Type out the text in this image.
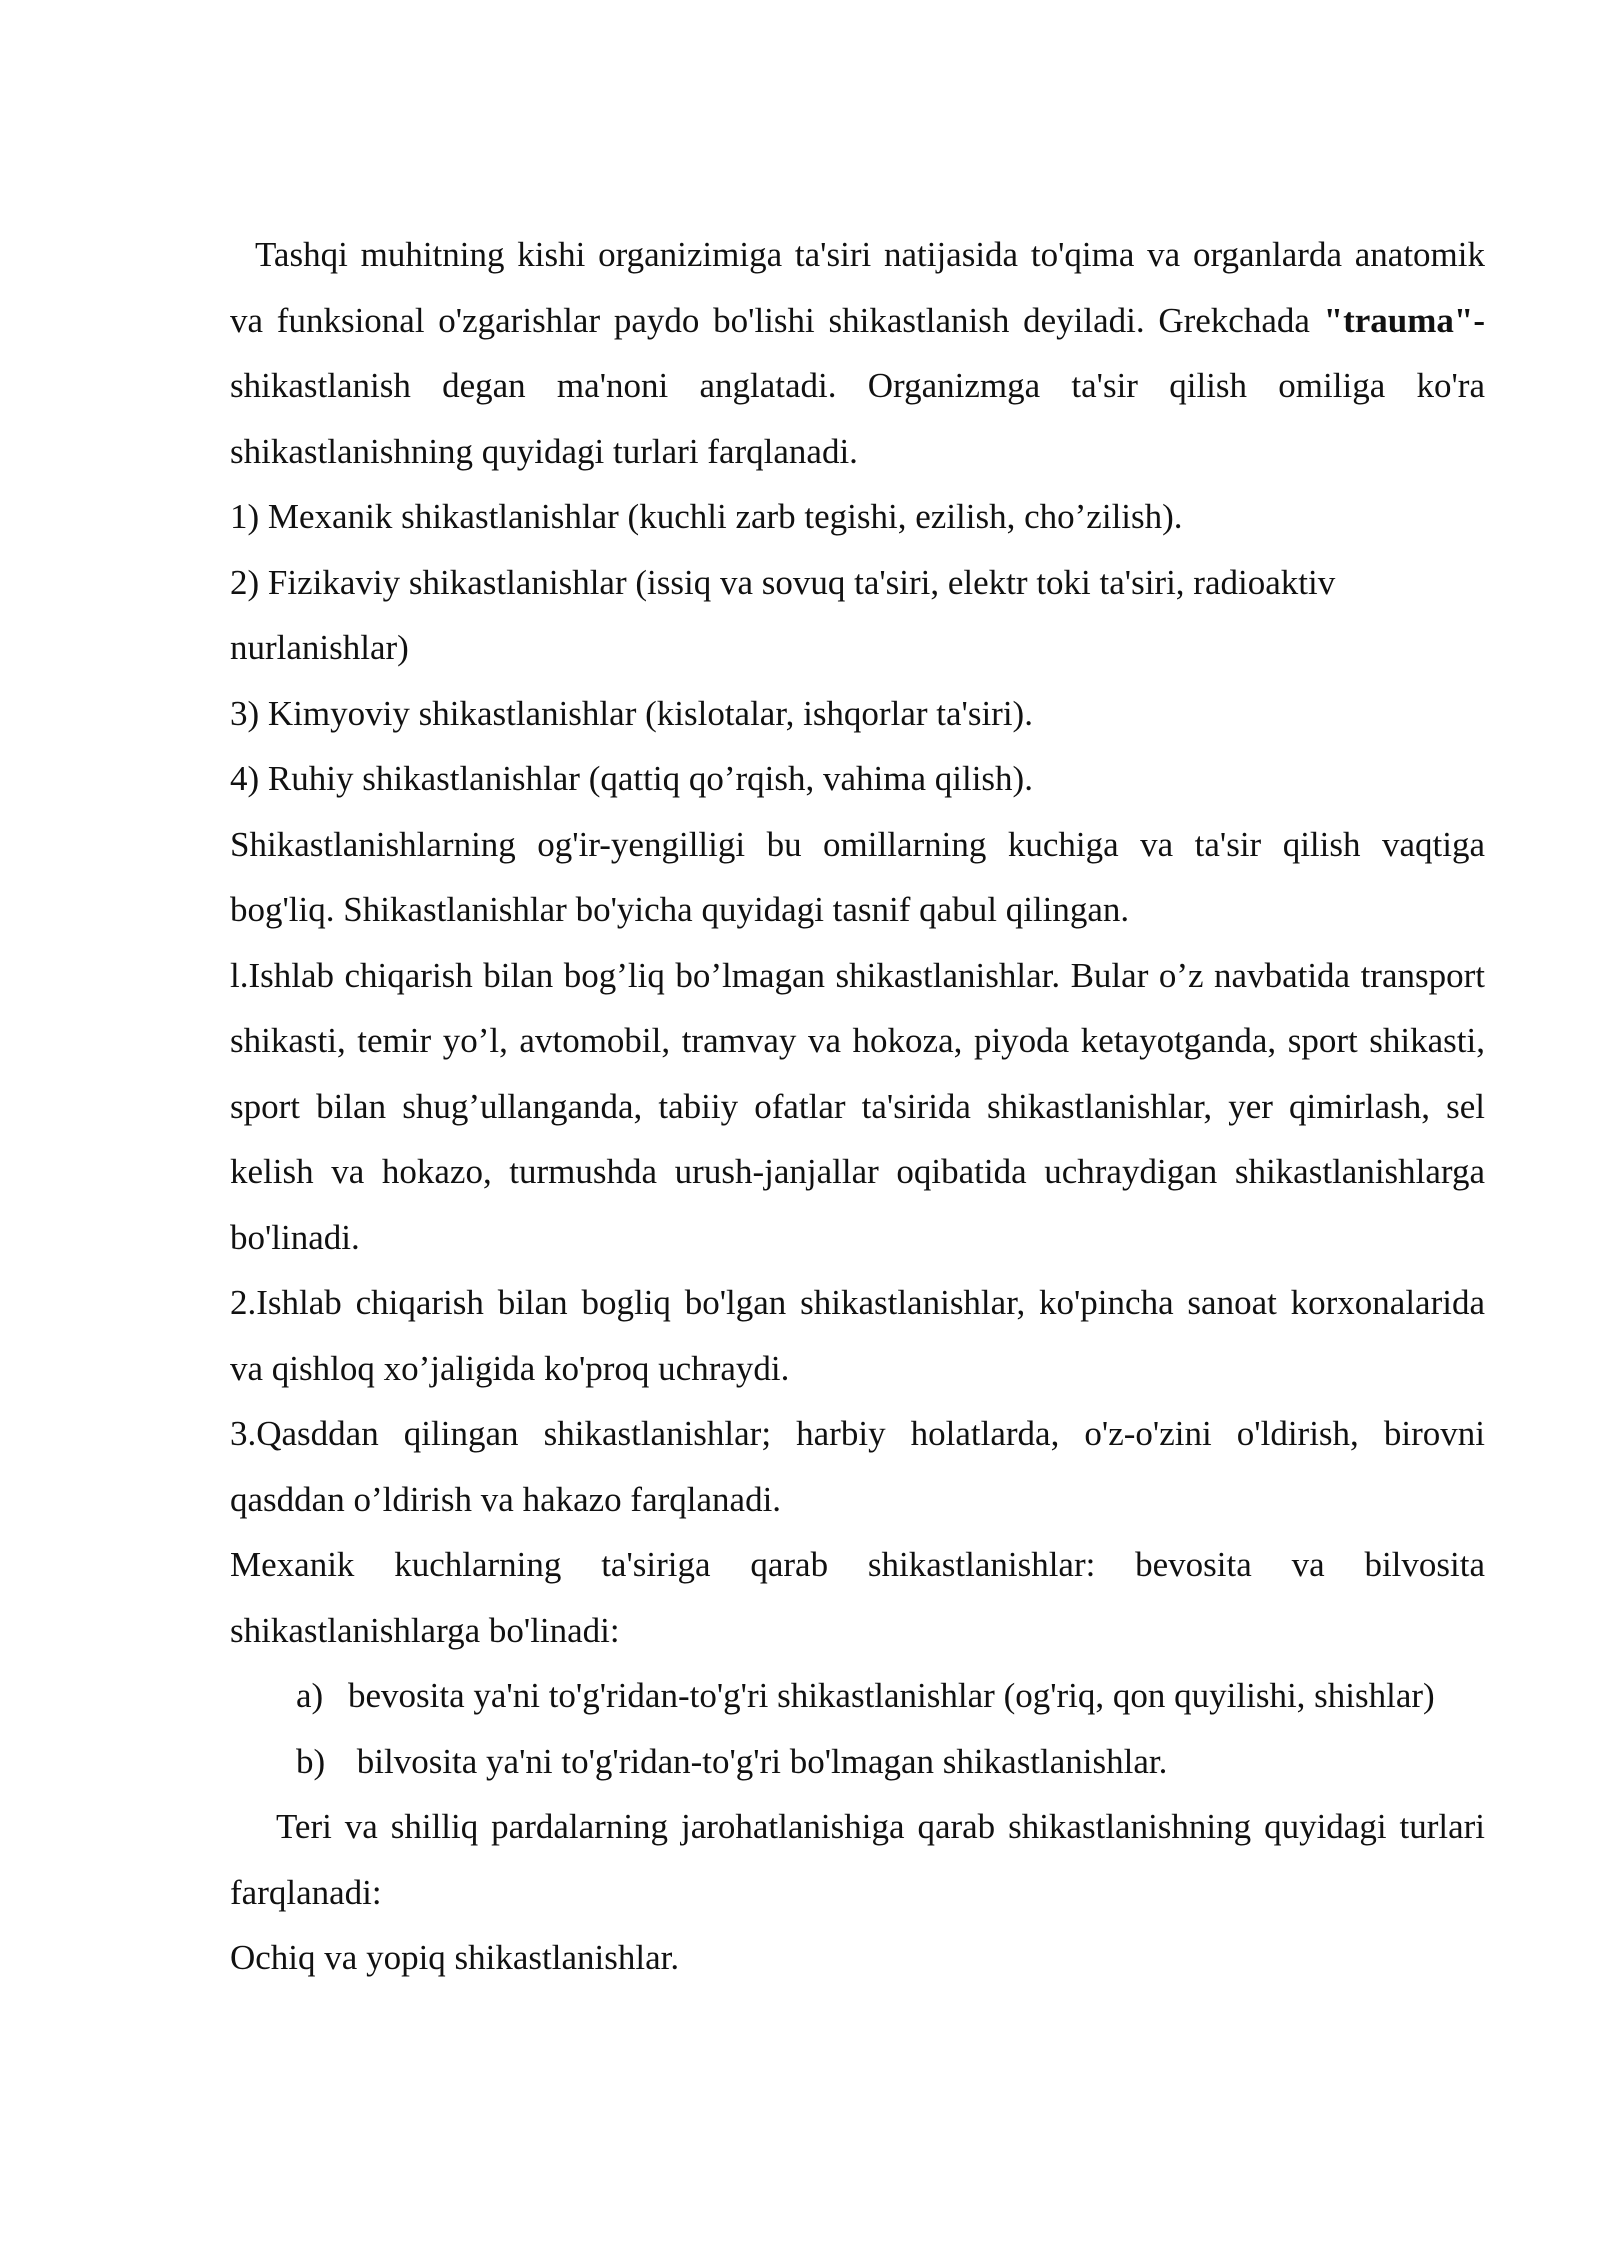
Tashqi muhitning kishi organizimiga ta'siri natijasida to'qima va organlarda anatomik va funksional o'zgarishlar paydo bo'lishi shikastlanish deyiladi. Grekchada "trauma"- shikastlanish degan ma'noni anglatadi. Organizmga ta'sir qilish omiliga ko'ra shikastlanishning quyidagi turlari farqlanadi.

1) Mexanik shikastlanishlar (kuchli zarb tegishi, ezilish, cho’zilish).

2) Fizikaviy shikastlanishlar (issiq va sovuq ta'siri, elektr toki ta'siri, radioaktiv nurlanishlar)

3) Kimyoviy shikastlanishlar (kislotalar, ishqorlar ta'siri).

4) Ruhiy shikastlanishlar (qattiq qo’rqish, vahima qilish).

Shikastlanishlarning og'ir-yengilligi bu omillarning kuchiga va ta'sir qilish vaqtiga bog'liq. Shikastlanishlar bo'yicha quyidagi tasnif qabul qilingan.

l.Ishlab chiqarish bilan bog’liq bo’lmagan shikastlanishlar. Bular o’z navbatida transport shikasti, temir yo’l, avtomobil, tramvay va hokoza, piyoda ketayotganda, sport shikasti, sport bilan shug’ullanganda, tabiiy ofatlar ta'sirida shikastlanishlar, yer qimirlash, sel kelish va hokazo, turmushda urush-janjallar oqibatida uchraydigan shikastlanishlarga bo'linadi.

2.Ishlab chiqarish bilan bogliq bo'lgan shikastlanishlar, ko'pincha sanoat korxonalarida va qishloq xo’jaligida ko'proq uchraydi.

3.Qasddan qilingan shikastlanishlar; harbiy holatlarda, o'z-o'zini o'ldirish, birovni qasddan o’ldirish va hakazo farqlanadi.

Mexanik kuchlarning ta'siriga qarab shikastlanishlar: bevosita va bilvosita shikastlanishlarga bo'linadi:

a) bevosita ya'ni to'g'ridan-to'g'ri shikastlanishlar (og'riq, qon quyilishi, shishlar)
b) bilvosita ya'ni to'g'ridan-to'g'ri bo'lmagan shikastlanishlar.

Teri va shilliq pardalarning jarohatlanishiga qarab shikastlanishning quyidagi turlari farqlanadi:

Ochiq va yopiq shikastlanishlar.
